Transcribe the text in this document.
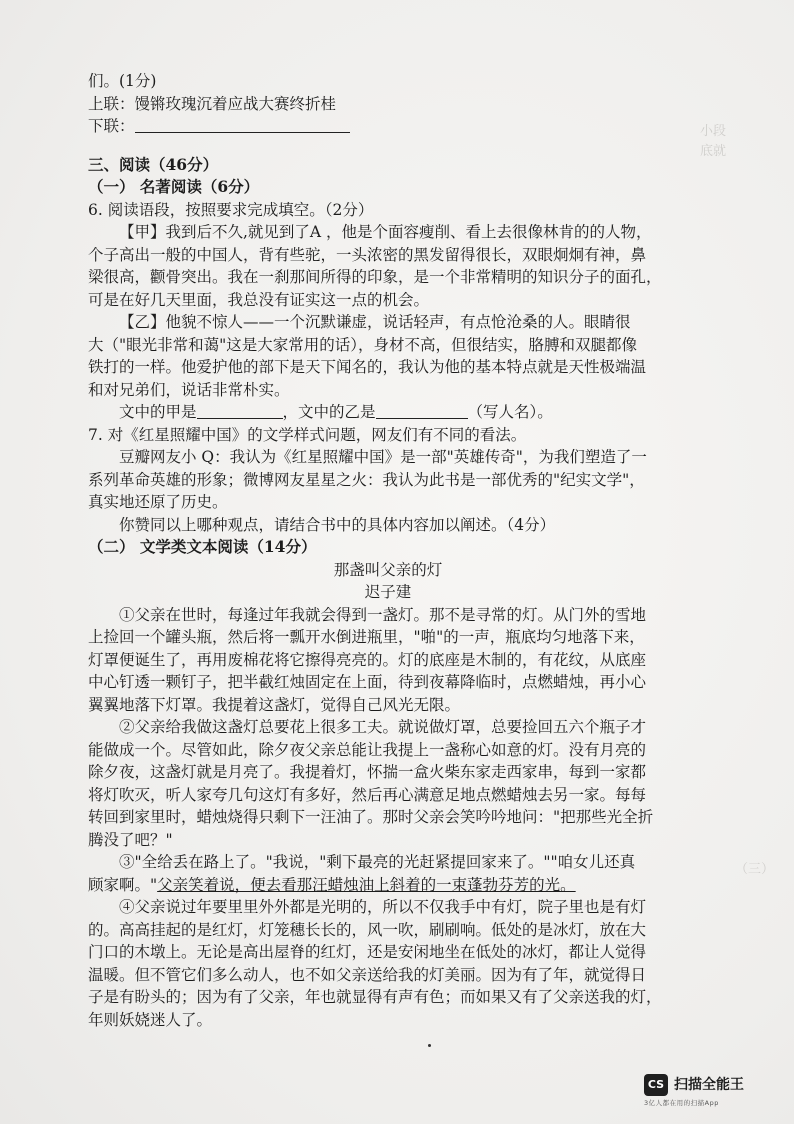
小段
底就
（三）
们。(1分)
上联：馒锵玫瑰沉着应战大赛终折桂
下联：
三、阅读（46分）
（一） 名著阅读（6分）
6. 阅读语段，按照要求完成填空。（2分）
【甲】我到后不久,就见到了A ，他是个面容瘦削、看上去很像林肯的的人物，
个子高出一般的中国人，背有些驼，一头浓密的黑发留得很长，双眼炯炯有神，鼻
梁很高，颧骨突出。我在一刹那间所得的印象，是一个非常精明的知识分子的面孔，
可是在好几天里面，我总没有证实这一点的机会。
【乙】他貌不惊人——一个沉默谦虚，说话轻声，有点怆沧桑的人。眼睛很
大（"眼光非常和蔼"这是大家常用的话），身材不高，但很结实，胳膊和双腿都像
铁打的一样。他爱护他的部下是天下闻名的，我认为他的基本特点就是天性极端温
和对兄弟们，说话非常朴实。
文中的甲是	，文中的乙是	（写人名）。
7. 对《红星照耀中国》的文学样式问题，网友们有不同的看法。
豆瓣网友小 Q：我认为《红星照耀中国》是一部"英雄传奇"，为我们塑造了一
系列革命英雄的形象；微博网友星星之火：我认为此书是一部优秀的"纪实文学"，
真实地还原了历史。
你赞同以上哪种观点，请结合书中的具体内容加以阐述。（4分）
（二） 文学类文本阅读（14分）
那盏叫父亲的灯
迟子建
①父亲在世时，每逢过年我就会得到一盏灯。那不是寻常的灯。从门外的雪地
上捡回一个罐头瓶，然后将一瓢开水倒进瓶里，"啪"的一声，瓶底均匀地落下来，
灯罩便诞生了，再用废棉花将它擦得亮亮的。灯的底座是木制的，有花纹，从底座
中心钉透一颗钉子，把半截红烛固定在上面，待到夜幕降临时，点燃蜡烛，再小心
翼翼地落下灯罩。我提着这盏灯，觉得自己风光无限。
②父亲给我做这盏灯总要花上很多工夫。就说做灯罩，总要捡回五六个瓶子才
能做成一个。尽管如此，除夕夜父亲总能让我提上一盏称心如意的灯。没有月亮的
除夕夜，这盏灯就是月亮了。我提着灯，怀揣一盒火柴东家走西家串，每到一家都
将灯吹灭，听人家夸几句这灯有多好，然后再心满意足地点燃蜡烛去另一家。每每
转回到家里时，蜡烛烧得只剩下一汪油了。那时父亲会笑吟吟地问："把那些光全折
腾没了吧？"
③"全给丢在路上了。"我说，"剩下最亮的光赶紧提回家来了。""咱女儿还真
顾家啊。"父亲笑着说，便去看那汪蜡烛油上斜着的一束蓬勃芬芳的光。
④父亲说过年要里里外外都是光明的，所以不仅我手中有灯，院子里也是有灯
的。高高挂起的是红灯，灯笼穗长长的，风一吹，刷刷响。低处的是冰灯，放在大
门口的木墩上。无论是高出屋脊的红灯，还是安闲地坐在低处的冰灯，都让人觉得
温暖。但不管它们多么动人，也不如父亲送给我的灯美丽。因为有了年，就觉得日
子是有盼头的；因为有了父亲，年也就显得有声有色；而如果又有了父亲送我的灯，
年则妖娆迷人了。
CS 扫描全能王
3亿人都在用的扫描App
